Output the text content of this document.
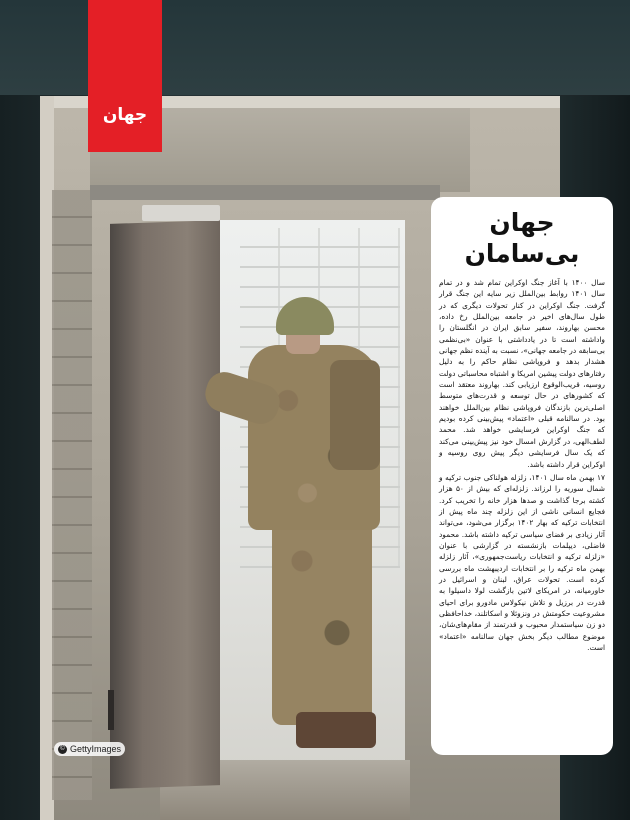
جهان
© GettyImages
جهان
بی‌سامان

سال ۱۴۰۰ با آغاز جنگ اوکراین تمام شد و در تمام سال ۱۴۰۱ روابط بین‌الملل زیر سایه این جنگ قرار گرفت. جنگ اوکراین در کنار تحولات دیگری که در طول سال‌های اخیر در جامعه بین‌الملل رخ داده، محسن بهاروند، سفیر سابق ایران در انگلستان را واداشته است تا در یادداشتی با عنوان «بی‌نظمی بی‌سابقه در جامعه جهانی»، نسبت به آینده نظم جهانی هشدار بدهد و فروپاشی نظام حاکم را به دلیل رفتارهای دولت پیشین امریکا و اشتباه محاسباتی دولت روسیه، قریب‌الوقوع ارزیابی کند. بهاروند معتقد است که کشورهای در حال توسعه و قدرت‌های متوسط اصلی‌ترین بازندگان فروپاشی نظام بین‌الملل خواهند بود. در سالنامه قبلی «اعتماد» پیش‌بینی کرده بودیم که جنگ اوکراین فرسایشی خواهد شد. محمد لطف‌الهی، در گزارش امسال خود نیز پیش‌بینی می‌کند که یک سال فرسایشی دیگر پیش روی روسیه و اوکراین قرار داشته باشد.

۱۷ بهمن ماه سال ۱۴۰۱، زلزله هولناکی جنوب ترکیه و شمال سوریه را لرزاند. زلزله‌ای که بیش از ۵۰ هزار کشته برجا گذاشت و صدها هزار خانه را تخریب کرد. فجایع انسانی ناشی از این زلزله چند ماه پیش از انتخابات ترکیه که بهار ۱۴۰۲ برگزار می‌شود، می‌تواند آثار زیادی بر فضای سیاسی ترکیه داشته باشد. محمود فاضلی، دیپلمات بازنشسته در گزارشی با عنوان «زلزله ترکیه و انتخابات ریاست‌جمهوری»، آثار زلزله بهمن ماه ترکیه را بر انتخابات اردیبهشت ماه بررسی کرده است. تحولات عراق، لبنان و اسرائیل در خاورمیانه، در امریکای لاتین بازگشت لولا داسیلوا به قدرت در برزیل و تلاش نیکولاس مادورو برای احیای مشروعیت حکومتش در ونزوئلا و اسکاتلند، خداحافظی دو زن سیاستمدار محبوب و قدرتمند از مقام‌های‌شان، موضوع مطالب دیگر بخش جهان سالنامه «اعتماد» است.
